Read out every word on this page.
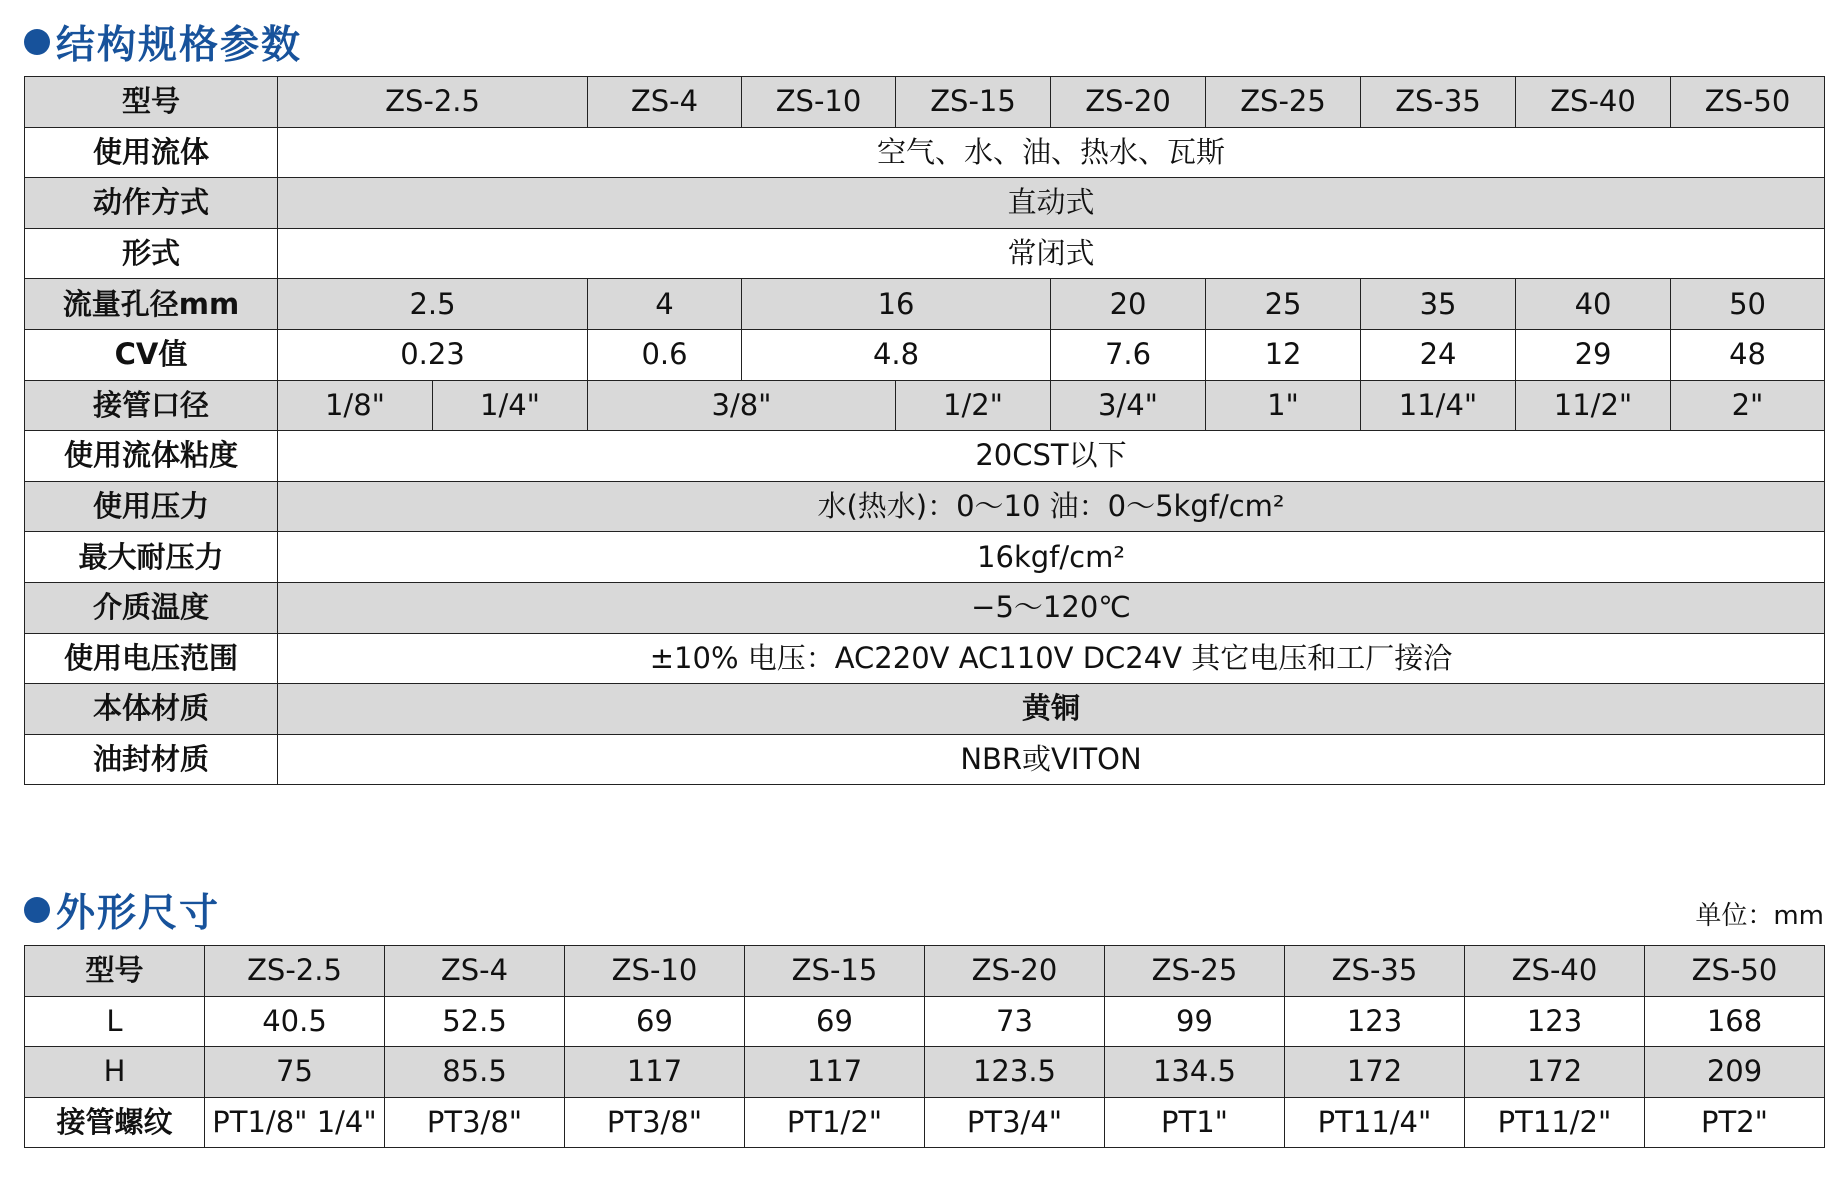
结构规格参数
型号	ZS-2.5		ZS-4	ZS-10	ZS-15	ZS-20	ZS-25	ZS-35	ZS-40	ZS-50
使用流体	空气、水、油、热水、瓦斯									
动作方式	直动式									
形式	常闭式									
流量孔径mm	2.5		4	16		20	25	35	40	50
CV值	0.23		0.6	4.8		7.6	12	24	29	48
接管口径	1/8"	1/4"	3/8"		1/2"	3/4"	1"	11/4"	11/2"	2"
使用流体粘度	20CST以下									
使用压力	水(热水)：0～10 油：0～5kgf/cm²									
最大耐压力	16kgf/cm²									
介质温度	−5～120℃									
使用电压范围	±10% 电压：AC220V AC110V DC24V 其它电压和工厂接洽									
本体材质	黄铜									
油封材质	NBR或VITON									
外形尺寸	单位：mm
型号	ZS-2.5	ZS-4	ZS-10	ZS-15	ZS-20	ZS-25	ZS-35	ZS-40	ZS-50
L	40.5	52.5	69	69	73	99	123	123	168
H	75	85.5	117	117	123.5	134.5	172	172	209
接管螺纹	PT1/8" 1/4"	PT3/8"	PT3/8"	PT1/2"	PT3/4"	PT1"	PT11/4"	PT11/2"	PT2"
